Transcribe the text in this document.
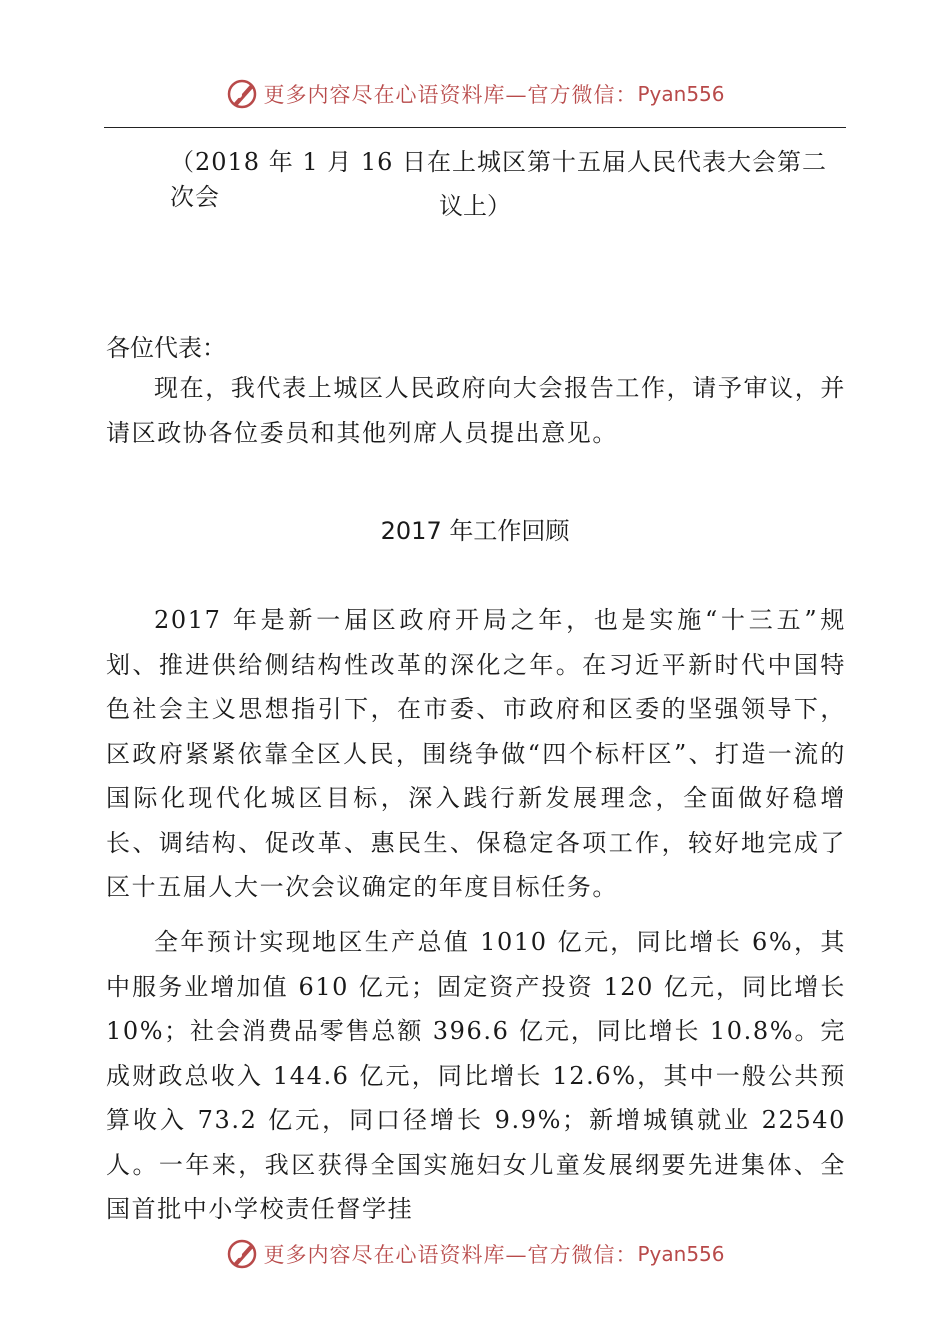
更多内容尽在心语资料库—官方微信： Pyan556
（2018 年 1 月 16 日在上城区第十五届人民代表大会第二次会	议上）
各位代表：
现在，我代表上城区人民政府向大会报告工作，请予审议，并请区政协各位委员和其他列席人员提出意见。
2017 年工作回顾
2017 年是新一届区政府开局之年，也是实施“十三五”规划、推进供给侧结构性改革的深化之年。在习近平新时代中国特色社会主义思想指引下，在市委、市政府和区委的坚强领导下，区政府紧紧依靠全区人民，围绕争做“四个标杆区”、打造一流的国际化现代化城区目标，深入践行新发展理念，全面做好稳增长、调结构、促改革、惠民生、保稳定各项工作，较好地完成了区十五届人大一次会议确定的年度目标任务。
全年预计实现地区生产总值 1010 亿元，同比增长 6%，其中服务业增加值 610 亿元；固定资产投资 120 亿元，同比增长 10%；社会消费品零售总额 396.6 亿元，同比增长 10.8%。完成财政总收入 144.6 亿元，同比增长 12.6%，其中一般公共预算收入 73.2 亿元，同口径增长 9.9%；新增城镇就业 22540 人。一年来，我区获得全国实施妇女儿童发展纲要先进集体、全国首批中小学校责任督学挂
更多内容尽在心语资料库—官方微信： Pyan556
